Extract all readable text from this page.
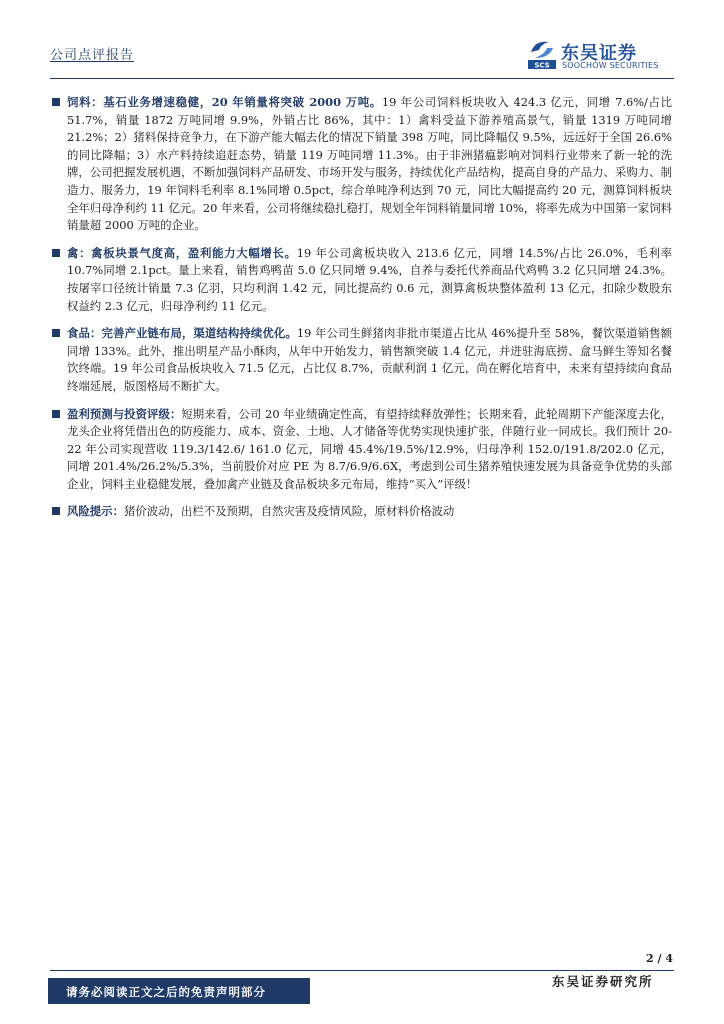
公司点评报告
SCS
东吴证券
SOOCHOW SECURITIES

饲料：基石业务增速稳健，20 年销量将突破 2000 万吨。19 年公司饲料板块收入 424.3 亿元，同增 7.6%/占比 51.7%，销量 1872 万吨同增 9.9%，外销占比 86%，其中：1）禽料受益下游养殖高景气，销量 1319 万吨同增 21.2%；2）猪料保持竞争力，在下游产能大幅去化的情况下销量 398 万吨，同比降幅仅 9.5%，远远好于全国 26.6%的同比降幅；3）水产料持续追赶态势，销量 119 万吨同增 11.3%。由于非洲猪瘟影响对饲料行业带来了新一轮的洗牌，公司把握发展机遇，不断加强饲料产品研发、市场开发与服务，持续优化产品结构，提高自身的产品力、采购力、制造力、服务力，19 年饲料毛利率 8.1%同增 0.5pct，综合单吨净利达到 70 元，同比大幅提高约 20 元，测算饲料板块全年归母净利约 11 亿元。20 年来看，公司将继续稳扎稳打，规划全年饲料销量同增 10%，将率先成为中国第一家饲料销量超 2000 万吨的企业。

禽：禽板块景气度高，盈利能力大幅增长。19 年公司禽板块收入 213.6 亿元，同增 14.5%/占比 26.0%，毛利率 10.7%同增 2.1pct。量上来看，销售鸡鸭苗 5.0 亿只同增 9.4%，自养与委托代养商品代鸡鸭 3.2 亿只同增 24.3%。按屠宰口径统计销量 7.3 亿羽，只均利润 1.42 元，同比提高约 0.6 元，测算禽板块整体盈利 13 亿元，扣除少数股东权益约 2.3 亿元，归母净利约 11 亿元。

食品：完善产业链布局，渠道结构持续优化。19 年公司生鲜猪肉非批市渠道占比从 46%提升至 58%，餐饮渠道销售额同增 133%。此外，推出明星产品小酥肉，从年中开始发力，销售额突破 1.4 亿元，并进驻海底捞、盒马鲜生等知名餐饮终端。19 年公司食品板块收入 71.5 亿元，占比仅 8.7%，贡献利润 1 亿元，尚在孵化培育中，未来有望持续向食品终端延展，版图格局不断扩大。

盈利预测与投资评级：短期来看，公司 20 年业绩确定性高，有望持续释放弹性；长期来看，此轮周期下产能深度去化，龙头企业将凭借出色的防疫能力、成本、资金、土地、人才储备等优势实现快速扩张，伴随行业一同成长。我们预计 20-22 年公司实现营收 119.3/142.6/ 161.0 亿元，同增 45.4%/19.5%/12.9%，归母净利 152.0/191.8/202.0 亿元，同增 201.4%/26.2%/5.3%，当前股价对应 PE 为 8.7/6.9/6.6X，考虑到公司生猪养殖快速发展为具备竞争优势的头部企业，饲料主业稳健发展，叠加禽产业链及食品板块多元布局，维持“买入”评级！

风险提示：猪价波动，出栏不及预期，自然灾害及疫情风险，原材料价格波动

2 / 4
请务必阅读正文之后的免责声明部分
东吴证券研究所
